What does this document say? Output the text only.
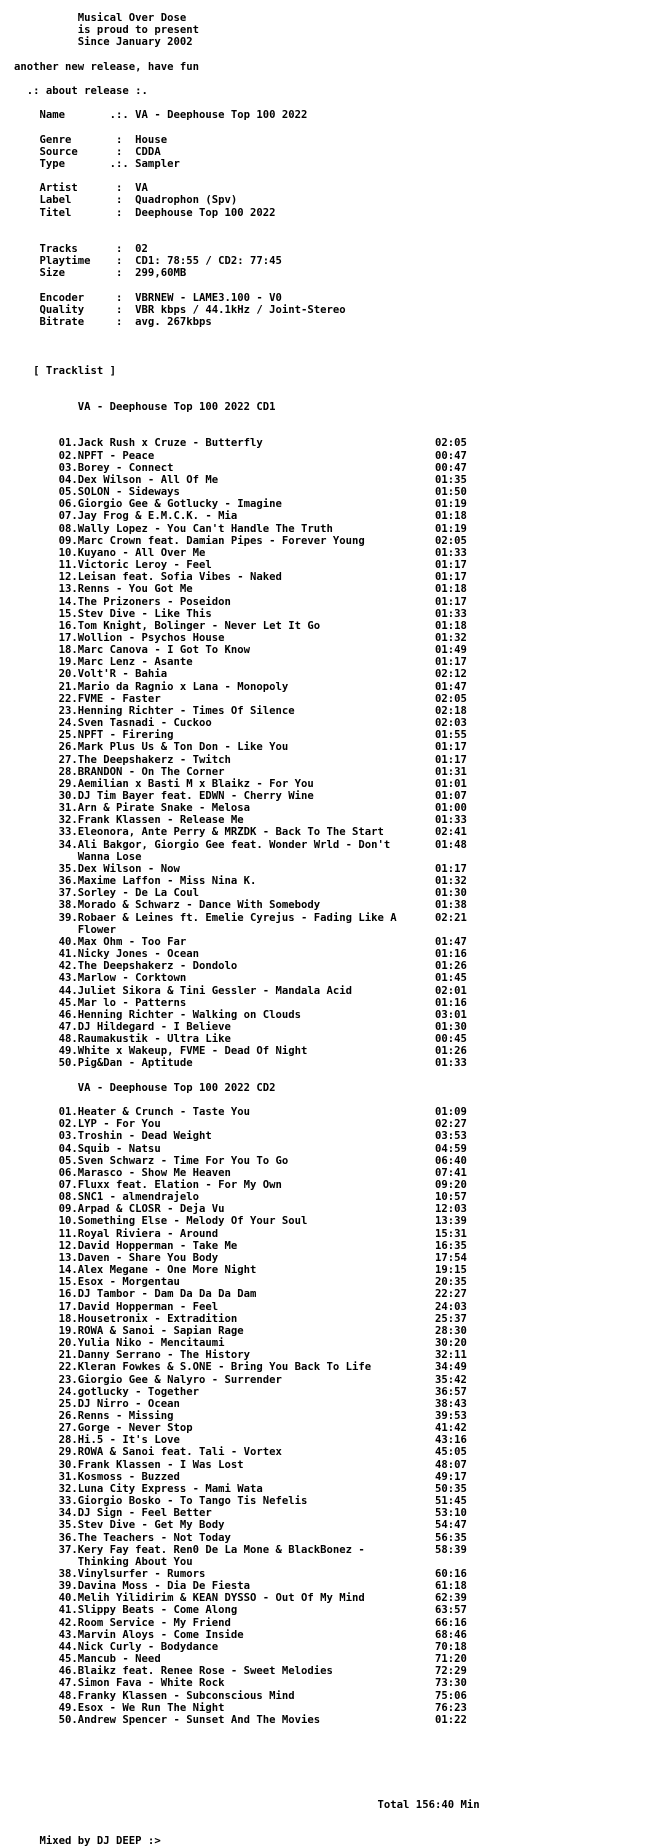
Musical Over Dose
is proud to present
Since January 2002

another new release, have fun

.: about release :.

Name       .:. VA - Deephouse Top 100 2022

Genre       :  House
Source      :  CDDA
Type       .:. Sampler

Artist      :  VA
Label       :  Quadrophon (Spv)
Titel       :  Deephouse Top 100 2022

Tracks      :  02
Playtime    :  CD1: 78:55 / CD2: 77:45
Size        :  299,60MB

Encoder     :  VBRNEW - LAME3.100 - V0
Quality     :  VBR kbps / 44.1kHz / Joint-Stereo
Bitrate     :  avg. 267kbps

[ Tracklist ]

VA - Deephouse Top 100 2022 CD1

01.Jack Rush x Cruze - Butterfly                           02:05
02.NPFT - Peace                                            00:47
03.Borey - Connect                                         00:47
04.Dex Wilson - All Of Me                                  01:35
05.SOLON - Sideways                                        01:50
06.Giorgio Gee & Gotlucky - Imagine                        01:19
07.Jay Frog & E.M.C.K. - Mia                               01:18
08.Wally Lopez - You Can't Handle The Truth                01:19
09.Marc Crown feat. Damian Pipes - Forever Young           02:05
10.Kuyano - All Over Me                                    01:33
11.Victoric Leroy - Feel                                   01:17
12.Leisan feat. Sofia Vibes - Naked                        01:17
13.Renns - You Got Me                                      01:18
14.The Prizoners - Poseidon                                01:17
15.Stev Dive - Like This                                   01:33
16.Tom Knight, Bolinger - Never Let It Go                  01:18
17.Wollion - Psychos House                                 01:32
18.Marc Canova - I Got To Know                             01:49
19.Marc Lenz - Asante                                      01:17
20.Volt'R - Bahia                                          02:12
21.Mario da Ragnio x Lana - Monopoly                       01:47
22.FVME - Faster                                           02:05
23.Henning Richter - Times Of Silence                      02:18
24.Sven Tasnadi - Cuckoo                                   02:03
25.NPFT - Firering                                         01:55
26.Mark Plus Us & Ton Don - Like You                       01:17
27.The Deepshakerz - Twitch                                01:17
28.BRANDON - On The Corner                                 01:31
29.Aemilian x Basti M x Blaikz - For You                   01:01
30.DJ Tim Bayer feat. EDWN - Cherry Wine                   01:07
31.Arn & Pirate Snake - Melosa                             01:00
32.Frank Klassen - Release Me                              01:33
33.Eleonora, Ante Perry & MRZDK - Back To The Start        02:41
34.Ali Bakgor, Giorgio Gee feat. Wonder Wrld - Don't       01:48
Wanna Lose
35.Dex Wilson - Now                                        01:17
36.Maxime Laffon - Miss Nina K.                            01:32
37.Sorley - De La Coul                                     01:30
38.Morado & Schwarz - Dance With Somebody                  01:38
39.Robaer & Leines ft. Emelie Cyrejus - Fading Like A      02:21
Flower
40.Max Ohm - Too Far                                       01:47
41.Nicky Jones - Ocean                                     01:16
42.The Deepshakerz - Dondolo                               01:26
43.Marlow - Corktown                                       01:45
44.Juliet Sikora & Tini Gessler - Mandala Acid             02:01
45.Mar lo - Patterns                                       01:16
46.Henning Richter - Walking on Clouds                     03:01
47.DJ Hildegard - I Believe                                01:30
48.Raumakustik - Ultra Like                                00:45
49.White x Wakeup, FVME - Dead Of Night                    01:26
50.Pig&Dan - Aptitude                                      01:33

VA - Deephouse Top 100 2022 CD2

01.Heater & Crunch - Taste You                             01:09
02.LYP - For You                                           02:27
03.Troshin - Dead Weight                                   03:53
04.Squib - Natsu                                           04:59
05.Sven Schwarz - Time For You To Go                       06:40
06.Marasco - Show Me Heaven                                07:41
07.Fluxx feat. Elation - For My Own                        09:20
08.SNC1 - almendrajelo                                     10:57
09.Arpad & CLOSR - Deja Vu                                 12:03
10.Something Else - Melody Of Your Soul                    13:39
11.Royal Riviera - Around                                  15:31
12.David Hopperman - Take Me                               16:35
13.Daven - Share You Body                                  17:54
14.Alex Megane - One More Night                            19:15
15.Esox - Morgentau                                        20:35
16.DJ Tambor - Dam Da Da Da Dam                            22:27
17.David Hopperman - Feel                                  24:03
18.Housetronix - Extradition                               25:37
19.ROWA & Sanoi - Sapian Rage                              28:30
20.Yulia Niko - Mencitaumi                                 30:20
21.Danny Serrano - The History                             32:11
22.Kleran Fowkes & S.ONE - Bring You Back To Life          34:49
23.Giorgio Gee & Nalyro - Surrender                        35:42
24.gotlucky - Together                                     36:57
25.DJ Nirro - Ocean                                        38:43
26.Renns - Missing                                         39:53
27.Gorge - Never Stop                                      41:42
28.Hi.5 - It's Love                                        43:16
29.ROWA & Sanoi feat. Tali - Vortex                        45:05
30.Frank Klassen - I Was Lost                              48:07
31.Kosmoss - Buzzed                                        49:17
32.Luna City Express - Mami Wata                           50:35
33.Giorgio Bosko - To Tango Tis Nefelis                    51:45
34.DJ Sign - Feel Better                                   53:10
35.Stev Dive - Get My Body                                 54:47
36.The Teachers - Not Today                                56:35
37.Kery Fay feat. Ren0 De La Mone & BlackBonez -           58:39
Thinking About You
38.Vinylsurfer - Rumors                                    60:16
39.Davina Moss - Dia De Fiesta                             61:18
40.Melih Yilidirim & KEAN DYSSO - Out Of My Mind           62:39
41.Slippy Beats - Come Along                               63:57
42.Room Service - My Friend                                66:16
43.Marvin Aloys - Come Inside                              68:46
44.Nick Curly - Bodydance                                  70:18
45.Mancub - Need                                           71:20
46.Blaikz feat. Renee Rose - Sweet Melodies                72:29
47.Simon Fava - White Rock                                 73:30
48.Franky Klassen - Subconscious Mind                      75:06
49.Esox - We Run The Night                                 76:23
50.Andrew Spencer - Sunset And The Movies                  01:22

Total 156:40 Min

Mixed by DJ DEEP :>
